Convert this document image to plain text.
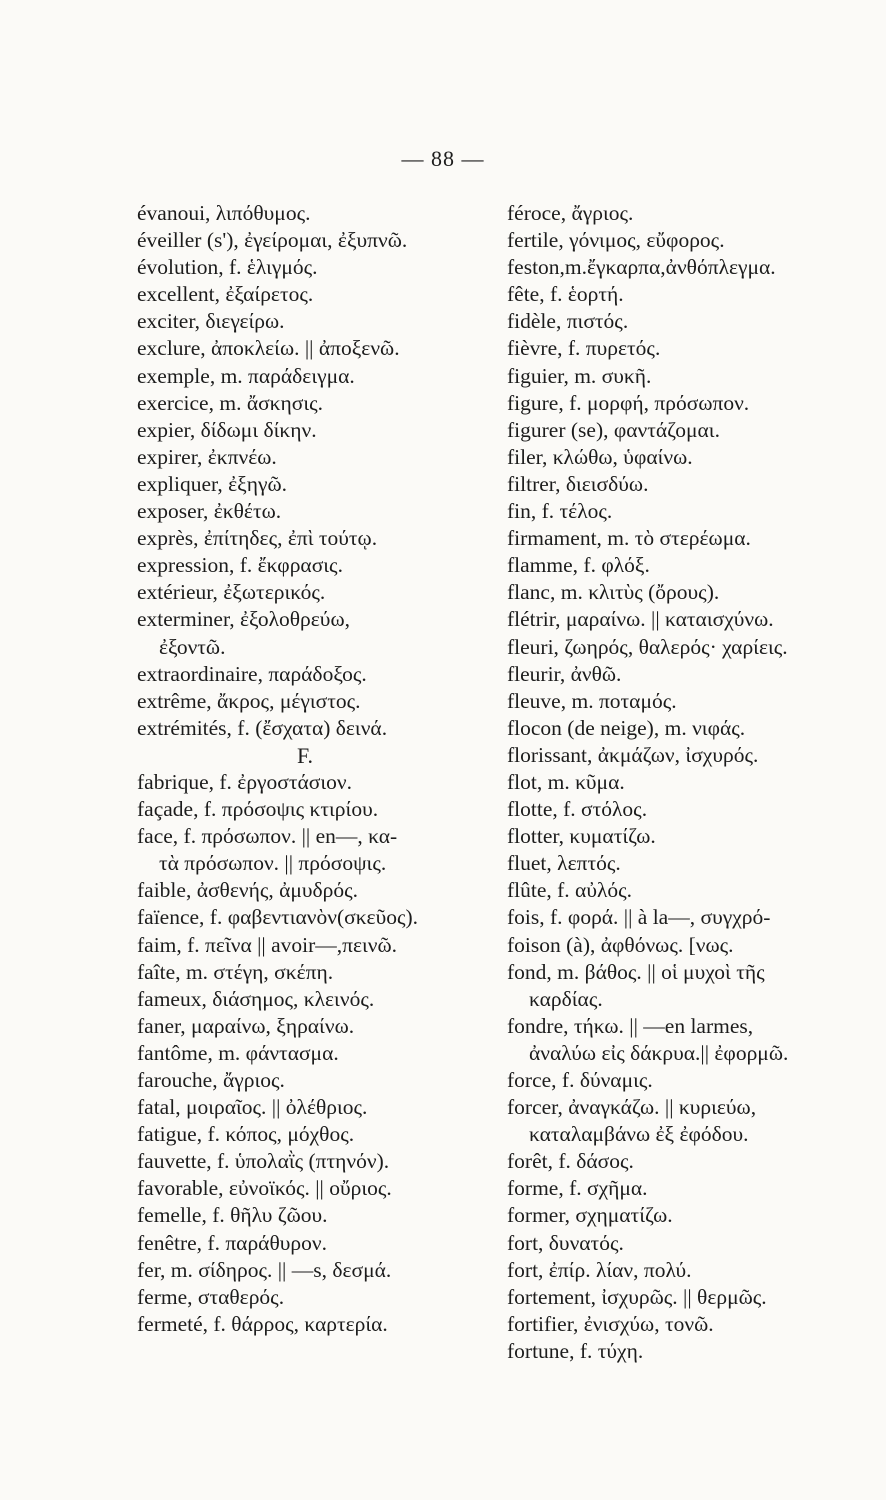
— 88 —
évanoui, λιπόθυμος.
éveiller (s'), ἐγείρομαι, ἐξυπνῶ.
évolution, f. ἑλιγμός.
excellent, ἐξαίρετος.
exciter, διεγείρω.
exclure, ἀποκλείω. || ἀποξενῶ.
exemple, m. παράδειγμα.
exercice, m. ἄσκησις.
expier, δίδωμι δίκην.
expirer, ἐκπνέω.
expliquer, ἐξηγῶ.
exposer, ἐκθέτω.
exprès, ἐπίτηδες, ἐπὶ τούτῳ.
expression, f. ἔκφρασις.
extérieur, ἐξωτερικός.
exterminer, ἐξολοθρεύω,
ἐξοντῶ.
extraordinaire, παράδοξος.
extrême, ἄκρος, μέγιστος.
extrémités, f. (ἔσχατα) δεινά.
F.
fabrique, f. ἐργοστάσιον.
façade, f. πρόσοψις κτιρίου.
face, f. πρόσωπον. || en—, κα-
τὰ πρόσωπον. || πρόσοψις.
faible, ἀσθενής, ἀμυδρός.
faïence, f. φαβεντιανὸν(σκεῦος).
faim, f. πεῖνα || avoir—,πεινῶ.
faîte, m. στέγη, σκέπη.
fameux, διάσημος, κλεινός.
faner, μαραίνω, ξηραίνω.
fantôme, m. φάντασμα.
farouche, ἄγριος.
fatal, μοιραῖος. || ὀλέθριος.
fatigue, f. κόπος, μόχθος.
fauvette, f. ὑπολαῒς (πτηνόν).
favorable, εὐνοϊκός. || οὔριος.
femelle, f. θῆλυ ζῶου.
fenêtre, f. παράθυρον.
fer, m. σίδηρος. || —s, δεσμά.
ferme, σταθερός.
fermeté, f. θάρρος, καρτερία.
féroce, ἄγριος.
fertile, γόνιμος, εὔφορος.
feston,m.ἔγκαρπα,ἀνθόπλεγμα.
fête, f. ἑορτή.
fidèle, πιστός.
fièvre, f. πυρετός.
figuier, m. συκῆ.
figure, f. μορφή, πρόσωπον.
figurer (se), φαντάζομαι.
filer, κλώθω, ὑφαίνω.
filtrer, διεισδύω.
fin, f. τέλος.
firmament, m. τὸ στερέωμα.
flamme, f. φλόξ.
flanc, m. κλιτὺς (ὄρους).
flétrir, μαραίνω. || καταισχύνω.
fleuri, ζωηρός, θαλερός· χαρίεις.
fleurir, ἀνθῶ.
fleuve, m. ποταμός.
flocon (de neige), m. νιφάς.
florissant, ἀκμάζων, ἰσχυρός.
flot, m. κῦμα.
flotte, f. στόλος.
flotter, κυματίζω.
fluet, λεπτός.
flûte, f. αὐλός.
fois, f. φορά. || à la—, συγχρό-
foison (à), ἀφθόνως. [νως.
fond, m. βάθος. || οἱ μυχοὶ τῆς
καρδίας.
fondre, τήκω. || —en larmes,
ἀναλύω εἰς δάκρυα.|| ἐφορμῶ.
force, f. δύναμις.
forcer, ἀναγκάζω. || κυριεύω,
καταλαμβάνω ἐξ ἐφόδου.
forêt, f. δάσος.
forme, f. σχῆμα.
former, σχηματίζω.
fort, δυνατός.
fort, ἐπίρ. λίαν, πολύ.
fortement, ἰσχυρῶς. || θερμῶς.
fortifier, ἐνισχύω, τονῶ.
fortune, f. τύχη.
